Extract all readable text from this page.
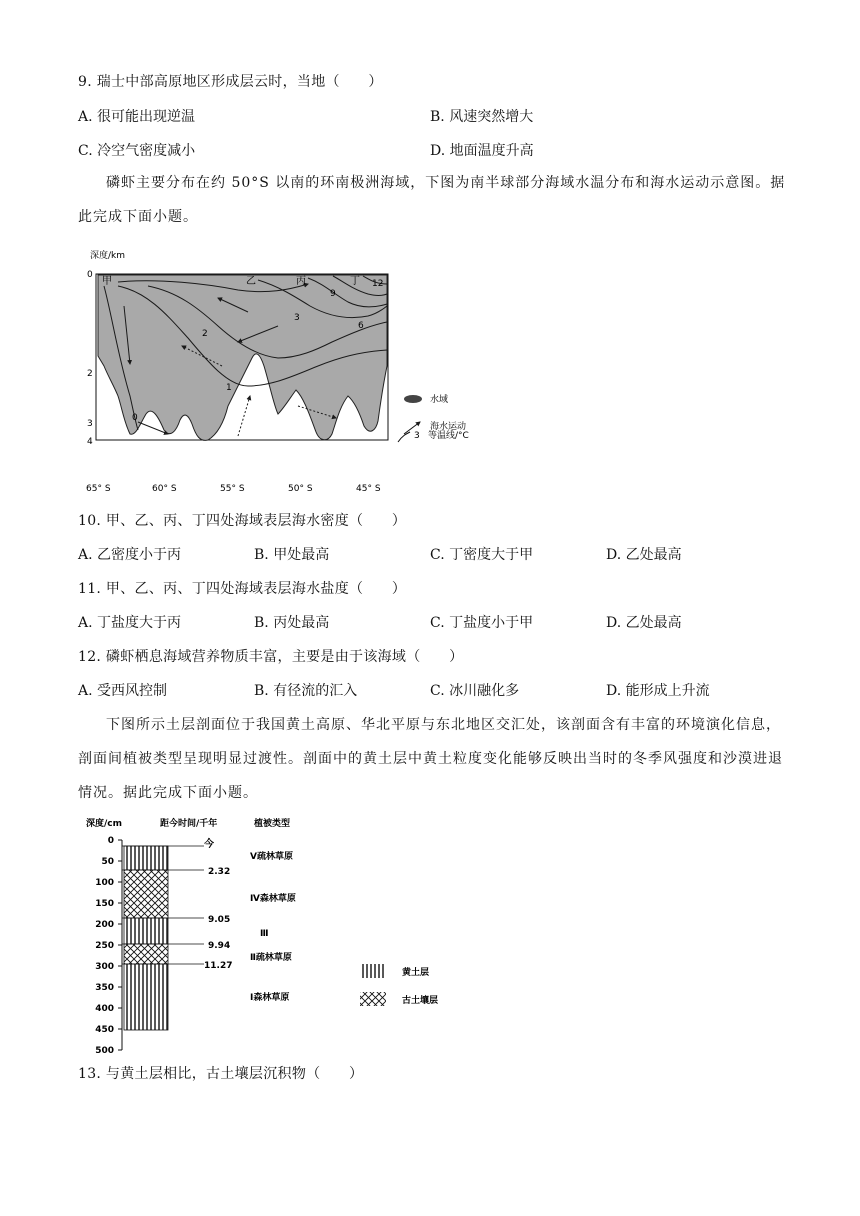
9. 瑞士中部高原地区形成层云时，当地（　　）
A. 很可能出现逆温	B. 风速突然增大
C. 冷空气密度减小	D. 地面温度升高
磷虾主要分布在约 50°S 以南的环南极洲海域，下图为南半球部分海域水温分布和海水运动示意图。据此完成下面小题。
深度/km
0
2
3
4
甲	乙	丙	丁
0
1
2
3
6
9
12
65° S	60° S	55° S	50° S	45° S
水域
海水运动
3 等温线/°C
10. 甲、乙、丙、丁四处海域表层海水密度（　　）
A. 乙密度小于丙	B. 甲处最高	C. 丁密度大于甲	D. 乙处最高
11. 甲、乙、丙、丁四处海域表层海水盐度（　　）
A. 丁盐度大于丙	B. 丙处最高	C. 丁盐度小于甲	D. 乙处最高
12. 磷虾栖息海域营养物质丰富，主要是由于该海域（　　）
A. 受西风控制	B. 有径流的汇入	C. 冰川融化多	D. 能形成上升流
下图所示土层剖面位于我国黄土高原、华北平原与东北地区交汇处，该剖面含有丰富的环境演化信息，剖面间植被类型呈现明显过渡性。剖面中的黄土层中黄土粒度变化能够反映出当时的冬季风强度和沙漠进退情况。据此完成下面小题。
深度/cm	距今时间/千年	植被类型
0
50
100
150
200
250
300
350
400
450
500
今
2.32
9.05
9.94
11.27
Ⅴ疏林草原
Ⅳ森林草原
Ⅲ
Ⅱ疏林草原
Ⅰ森林草原
黄土层
古土壤层
13. 与黄土层相比，古土壤层沉积物（　　）
